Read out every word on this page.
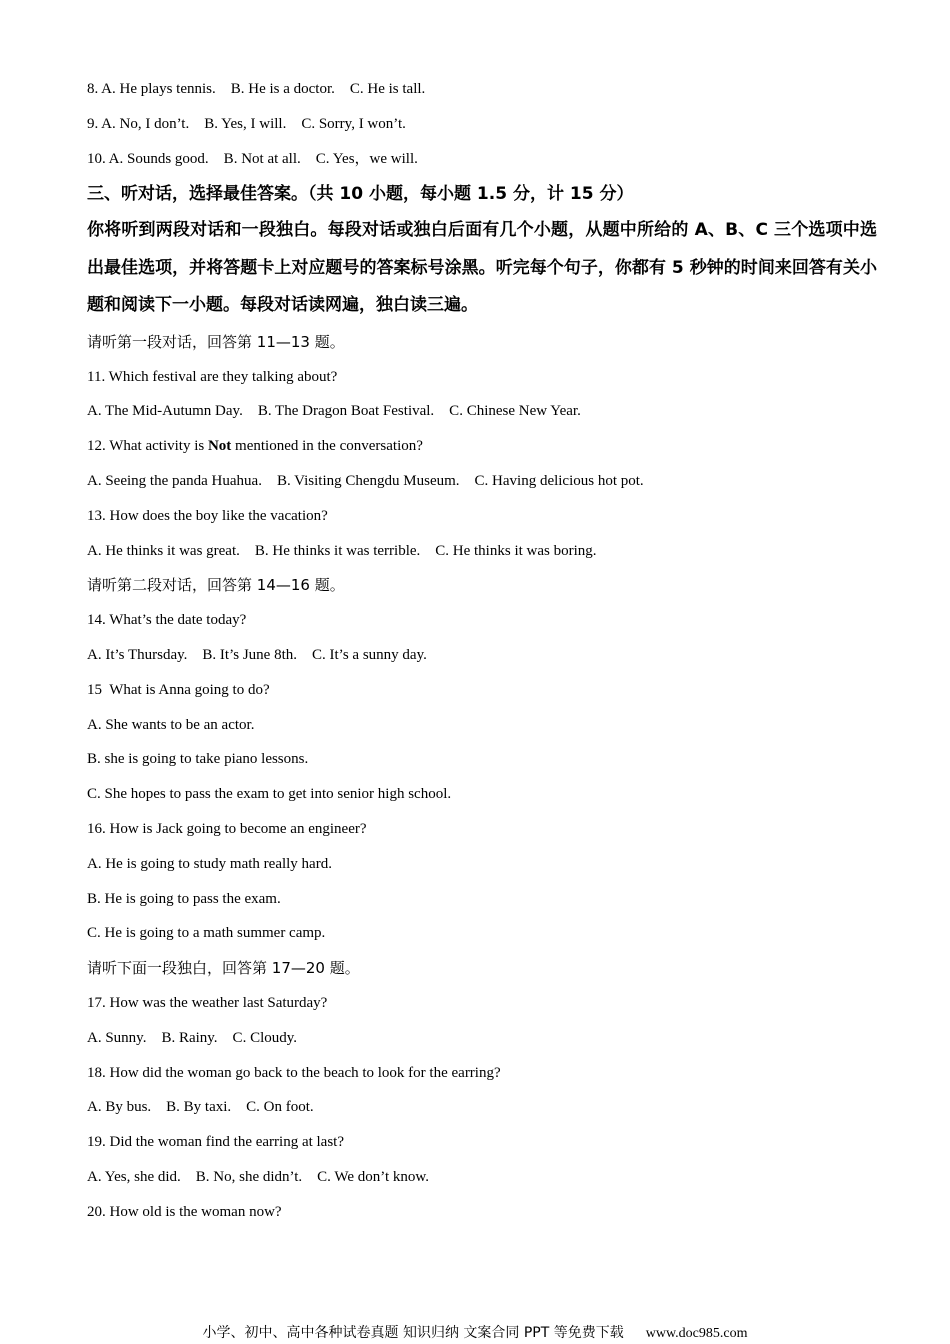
8. A. He plays tennis.    B. He is a doctor.    C. He is tall.
9. A. No, I don’t.    B. Yes, I will.    C. Sorry, I won’t.
10. A. Sounds good.    B. Not at all.    C. Yes，we will.
三、听对话，选择最佳答案。（共 10 小题，每小题 1.5 分，计 15 分）
你将听到两段对话和一段独白。每段对话或独白后面有几个小题，从题中所给的 A、B、C 三个选项中选出最佳选项，并将答题卡上对应题号的答案标号涂黑。听完每个句子，你都有 5 秒钟的时间来回答有关小题和阅读下一小题。每段对话读网遍，独白读三遍。
请听第一段对话，回答第 11—13 题。
11. Which festival are they talking about?
A. The Mid-Autumn Day.    B. The Dragon Boat Festival.    C. Chinese New Year.
12. What activity is Not mentioned in the conversation?
A. Seeing the panda Huahua.    B. Visiting Chengdu Museum.    C. Having delicious hot pot.
13. How does the boy like the vacation?
A. He thinks it was great.    B. He thinks it was terrible.    C. He thinks it was boring.
请听第二段对话，回答第 14—16 题。
14. What’s the date today?
A. It’s Thursday.    B. It’s June 8th.    C. It’s a sunny day.
15  What is Anna going to do?
A. She wants to be an actor.
B. she is going to take piano lessons.
C. She hopes to pass the exam to get into senior high school.
16. How is Jack going to become an engineer?
A. He is going to study math really hard.
B. He is going to pass the exam.
C. He is going to a math summer camp.
请听下面一段独白，回答第 17—20 题。
17. How was the weather last Saturday?
A. Sunny.    B. Rainy.    C. Cloudy.
18. How did the woman go back to the beach to look for the earring?
A. By bus.    B. By taxi.    C. On foot.
19. Did the woman find the earring at last?
A. Yes, she did.    B. No, she didn’t.    C. We don’t know.
20. How old is the woman now?
小学、初中、高中各种试卷真题 知识归纳 文案合同 PPT 等免费下载 www.doc985.com
